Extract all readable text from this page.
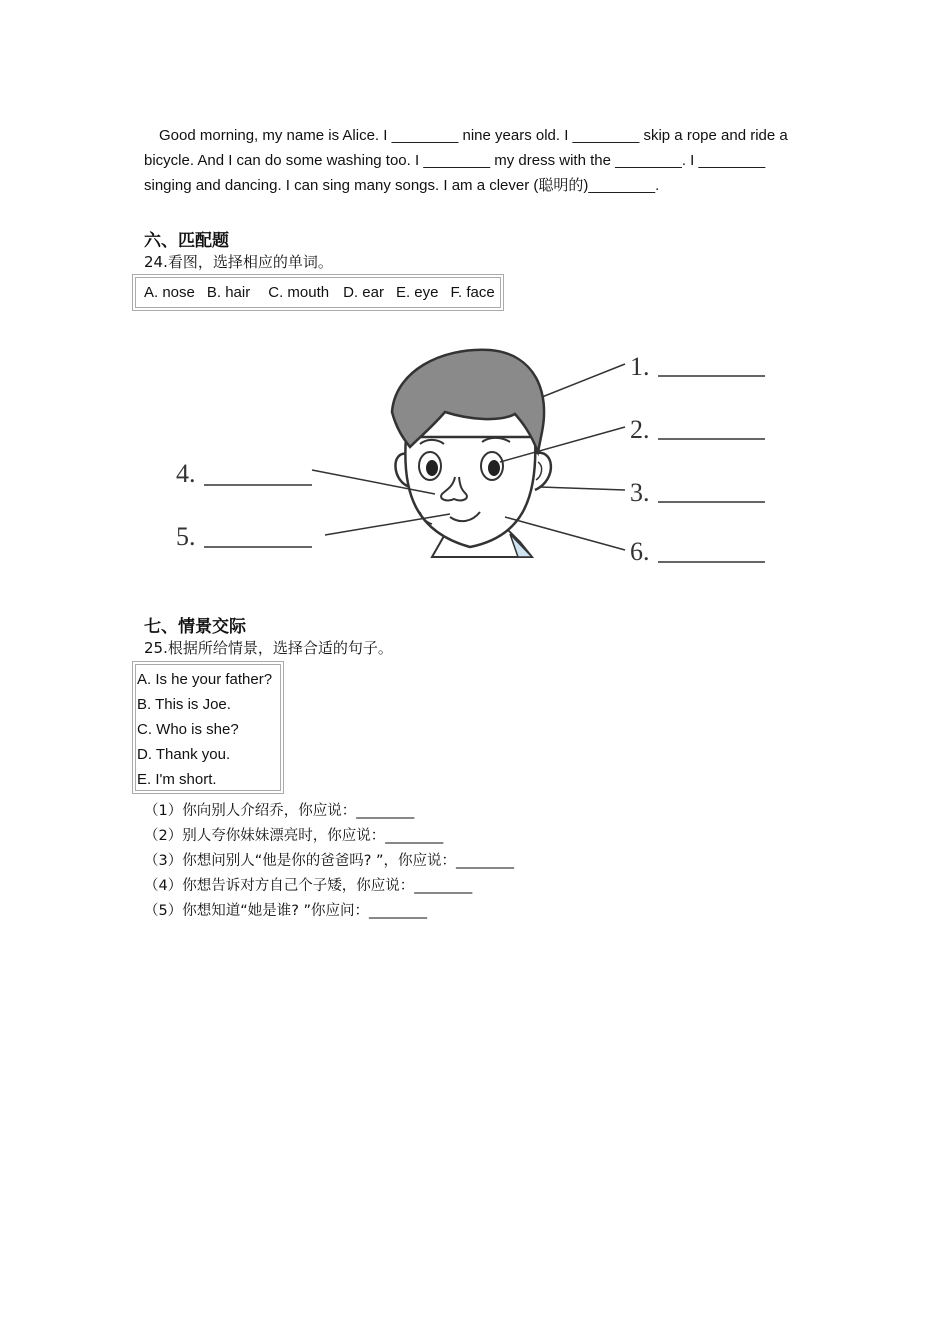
Good morning, my name is Alice. I ________ nine years old. I ________ skip a rope and ride a
bicycle. And I can do some washing too. I ________ my dress with the ________. I ________
singing and dancing. I can sing many songs. I am a clever (聪明的)________.
六、匹配题
24.看图，选择相应的单词。
A. nose B. hair C. mouth D. ear E. eye F. face
1.
2.
3.
4.
5.
6.
七、情景交际
25.根据所给情景，选择合适的句子。
A. Is he your father?
B. This is Joe.
C. Who is she?
D. Thank you.
E. I'm short.
（1）你向别人介绍乔，你应说：________
（2）别人夸你妹妹漂亮时，你应说：________
（3）你想问别人“他是你的爸爸吗? ”，你应说：________
（4）你想告诉对方自己个子矮，你应说：________
（5）你想知道“她是谁? ”你应问：________
